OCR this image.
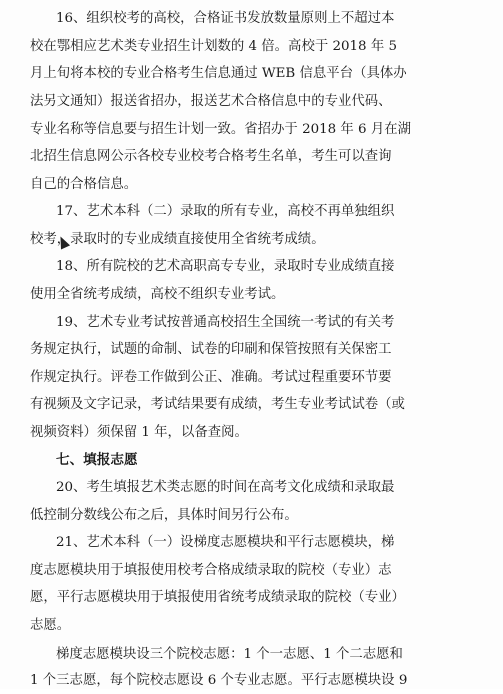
16、组织校考的高校，合格证书发放数量原则上不超过本
校在鄂相应艺术类专业招生计划数的 4 倍。高校于 2018 年 5
月上旬将本校的专业合格考生信息通过 WEB 信息平台（具体办
法另文通知）报送省招办，报送艺术合格信息中的专业代码、
专业名称等信息要与招生计划一致。省招办于 2018 年 6 月在湖
北招生信息网公示各校专业校考合格考生名单，考生可以查询
自己的合格信息。
17、艺术本科（二）录取的所有专业，高校不再单独组织
校考，录取时的专业成绩直接使用全省统考成绩。
18、所有院校的艺术高职高专专业，录取时专业成绩直接
使用全省统考成绩，高校不组织专业考试。
19、艺术专业考试按普通高校招生全国统一考试的有关考
务规定执行，试题的命制、试卷的印刷和保管按照有关保密工
作规定执行。评卷工作做到公正、准确。考试过程重要环节要
有视频及文字记录，考试结果要有成绩，考生专业考试试卷（或
视频资料）须保留 1 年，以备查阅。
七、填报志愿
20、考生填报艺术类志愿的时间在高考文化成绩和录取最
低控制分数线公布之后，具体时间另行公布。
21、艺术本科（一）设梯度志愿模块和平行志愿模块，梯
度志愿模块用于填报使用校考合格成绩录取的院校（专业）志
愿，平行志愿模块用于填报使用省统考成绩录取的院校（专业）
志愿。
梯度志愿模块设三个院校志愿：1 个一志愿、1 个二志愿和
1 个三志愿，每个院校志愿设 6 个专业志愿。平行志愿模块设 9
